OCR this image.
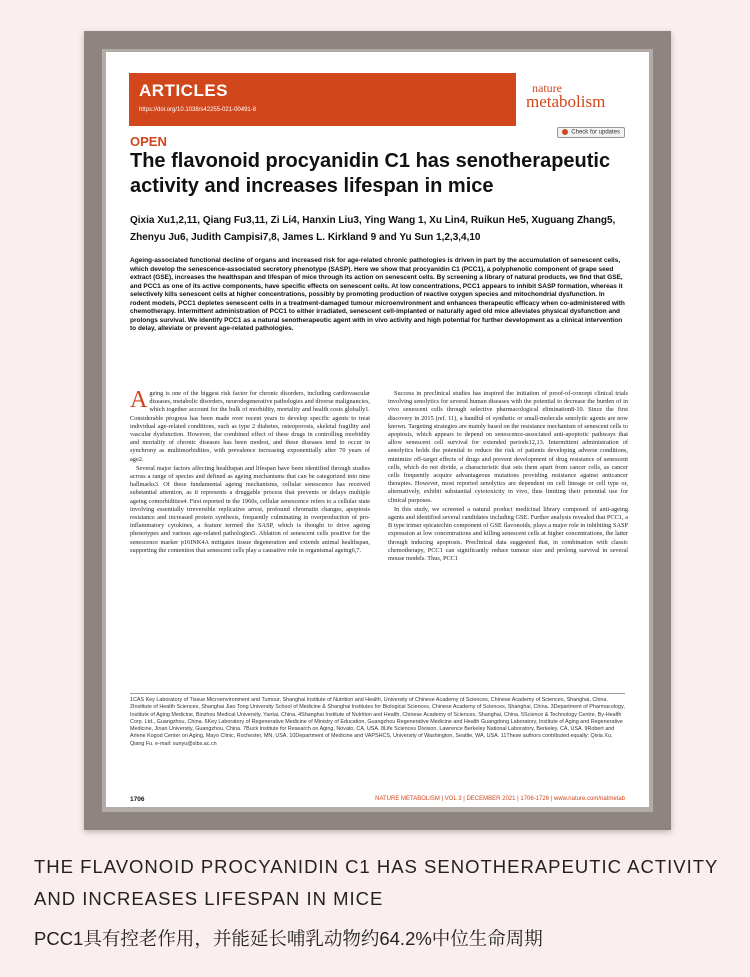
ARTICLES
https://doi.org/10.1038/s42255-021-00491-8
nature
metabolism
Check for updates
OPEN
The flavonoid procyanidin C1 has senotherapeutic activity and increases lifespan in mice
Qixia Xu1,2,11, Qiang Fu3,11, Zi Li4, Hanxin Liu3, Ying Wang 1, Xu Lin4, Ruikun He5, Xuguang Zhang5,
Zhenyu Ju6, Judith Campisi7,8, James L. Kirkland 9 and Yu Sun 1,2,3,4,10
Ageing-associated functional decline of organs and increased risk for age-related chronic pathologies is driven in part by the accumulation of senescent cells, which develop the senescence-associated secretory phenotype (SASP). Here we show that procyanidin C1 (PCC1), a polyphenolic component of grape seed extract (GSE), increases the healthspan and lifespan of mice through its action on senescent cells. By screening a library of natural products, we find that GSE, and PCC1 as one of its active components, have specific effects on senescent cells. At low concentrations, PCC1 appears to inhibit SASP formation, whereas it selectively kills senescent cells at higher concentrations, possibly by promoting production of reactive oxygen species and mitochondrial dysfunction. In rodent models, PCC1 depletes senescent cells in a treatment-damaged tumour microenvironment and enhances therapeutic efficacy when co-administered with chemotherapy. Intermittent administration of PCC1 to either irradiated, senescent cell-implanted or naturally aged old mice alleviates physical dysfunction and prolongs survival. We identify PCC1 as a natural senotherapeutic agent with in vivo activity and high potential for further development as a clinical intervention to delay, alleviate or prevent age-related pathologies.

Ageing is one of the biggest risk factor for chronic disorders, including cardiovascular diseases, metabolic disorders, neurodegenerative pathologies and diverse malignancies, which together account for the bulk of morbidity, mortality and health costs globally1. Considerable progress has been made over recent years to develop specific agents to treat individual age-related conditions, such as type 2 diabetes, osteoporosis, skeletal fragility and vascular dysfunction. However, the combined effect of these drugs in controlling morbidity and mortality of chronic diseases has been modest, and these diseases tend to occur in synchrony as multimorbidities, with prevalence increasing exponentially after 70 years of age2.

Several major factors affecting healthspan and lifespan have been identified through studies across a range of species and defined as ageing mechanisms that can be categorized into nine hallmarks3. Of these fundamental ageing mechanisms, cellular senescence has received substantial attention, as it represents a druggable process that prevents or delays multiple ageing comorbidities4. First reported in the 1960s, cellular senescence refers to a cellular state involving essentially irreversible replicative arrest, profound chromatin changes, apoptosis resistance and increased protein synthesis, frequently culminating in overproduction of pro-inflammatory cytokines, a feature termed the SASP, which is thought to drive ageing phenotypes and various age-related pathologies5. Ablation of senescent cells positive for the senescence marker p16INK4A mitigates tissue degeneration and extends animal healthspan, supporting the contention that senescent cells play a causative role in organismal ageing6,7.

Success in preclinical studies has inspired the initiation of proof-of-concept clinical trials involving senolytics for several human diseases with the potential to decrease the burden of in vivo senescent cells through selective pharmacological elimination8-10. Since the first discovery in 2015 (ref. 11), a handful of synthetic or small-molecule senolytic agents are now known. Targeting strategies are mainly based on the resistance mechanism of senescent cells to apoptosis, which appears to depend on senescence-associated anti-apoptotic pathways that allow senescent cell survival for extended periods12,13. Intermittent administration of senolytics holds the potential to reduce the risk of patients developing adverse conditions, minimize off-target effects of drugs and prevent development of drug resistance of senescent cells, which do not divide, a characteristic that sets them apart from cancer cells, as cancer cells frequently acquire advantageous mutations providing resistance against anticancer therapies. However, most reported senolytics are dependent on cell lineage or cell type or, alternatively, exhibit substantial cytotoxicity in vivo, thus limiting their potential use for clinical purposes.

In this study, we screened a natural product medicinal library composed of anti-ageing agents and identified several candidates including GSE. Further analysis revealed that PCC1, a B type trimer epicatechin component of GSE flavonoids, plays a major role in inhibiting SASP expression at low concentrations and killing senescent cells at higher concentrations, the latter through inducing apoptosis. Preclinical data suggested that, in combination with classic chemotherapy, PCC1 can significantly reduce tumour size and prolong survival in several mouse models. Thus, PCC1

1CAS Key Laboratory of Tissue Microenvironment and Tumour, Shanghai Institute of Nutrition and Health, University of Chinese Academy of Sciences, Chinese Academy of Sciences, Shanghai, China. 2Institute of Health Sciences, Shanghai Jiao Tong University School of Medicine & Shanghai Institutes for Biological Sciences, Chinese Academy of Sciences, Shanghai, China. 3Department of Pharmacology, Institute of Aging Medicine, Binzhou Medical University, Yantai, China. 4Shanghai Institute of Nutrition and Health, Chinese Academy of Sciences, Shanghai, China. 5Science & Technology Centre, By-Health Corp. Ltd., Guangzhou, China. 6Key Laboratory of Regenerative Medicine of Ministry of Education, Guangzhou Regenerative Medicine and Health Guangdong Laboratory, Institute of Aging and Regenerative Medicine, Jinan University, Guangzhou, China. 7Buck Institute for Research on Aging, Novato, CA, USA. 8Life Sciences Division, Lawrence Berkeley National Laboratory, Berkeley, CA, USA. 9Robert and Arlene Kogod Center on Aging, Mayo Clinic, Rochester, MN, USA. 10Department of Medicine and VAPSHCS, University of Washington, Seattle, WA, USA. 11These authors contributed equally: Qixia Xu, Qiang Fu. e-mail: sunyu@sibs.ac.cn
1706	NATURE METABOLISM | VOL 3 | DECEMBER 2021 | 1706-1726 | www.nature.com/natmetab
THE FLAVONOID PROCYANIDIN C1 HAS SENOTHERAPEUTIC ACTIVITY AND INCREASES LIFESPAN IN MICE
PCC1具有控老作用，并能延长哺乳动物约64.2%中位生命周期
